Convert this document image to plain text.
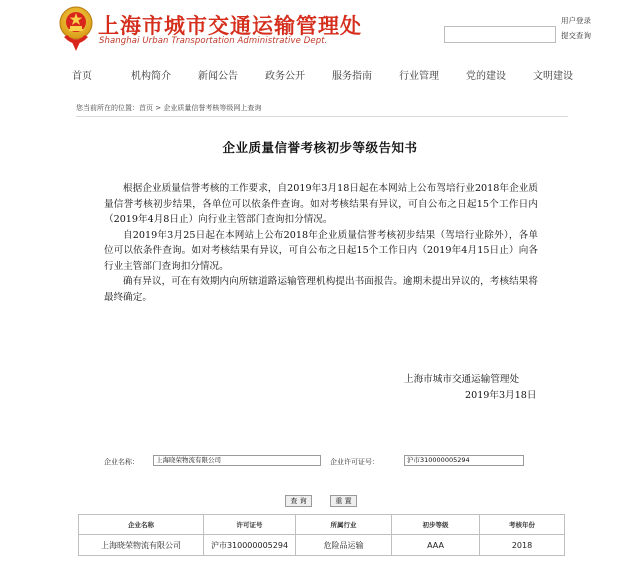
上海市城市交通运输管理处
Shanghai Urban Transportation Administrative Dept.
用户登录
提交查询
首页	机构简介	新闻公告	政务公开	服务指南	行业管理	党的建设	文明建设
您当前所在的位置：首页 > 企业质量信誉考核等级网上查询
企业质量信誉考核初步等级告知书

根据企业质量信誉考核的工作要求，自2019年3月18日起在本网站上公布驾培行业2018年企业质量信誉考核初步结果，各单位可以依条件查询。如对考核结果有异议，可自公布之日起15个工作日内（2019年4月8日止）向行业主管部门查询扣分情况。

自2019年3月25日起在本网站上公布2018年企业质量信誉考核初步结果（驾培行业除外），各单位可以依条件查询。如对考核结果有异议，可自公布之日起15个工作日内（2019年4月15日止）向各行业主管部门查询扣分情况。

确有异议，可在有效期内向所辖道路运输管理机构提出书面报告。逾期未提出异议的，考核结果将最终确定。

上海市城市交通运输管理处
2019年3月18日
企业名称：	上海晓荣物流有限公司	企业许可证号：	沪市310000005294
查 询	重 置
企业名称	许可证号	所属行业	初步等级	考核年份
上海晓荣物流有限公司	沪市310000005294	危险品运输	AAA	2018
